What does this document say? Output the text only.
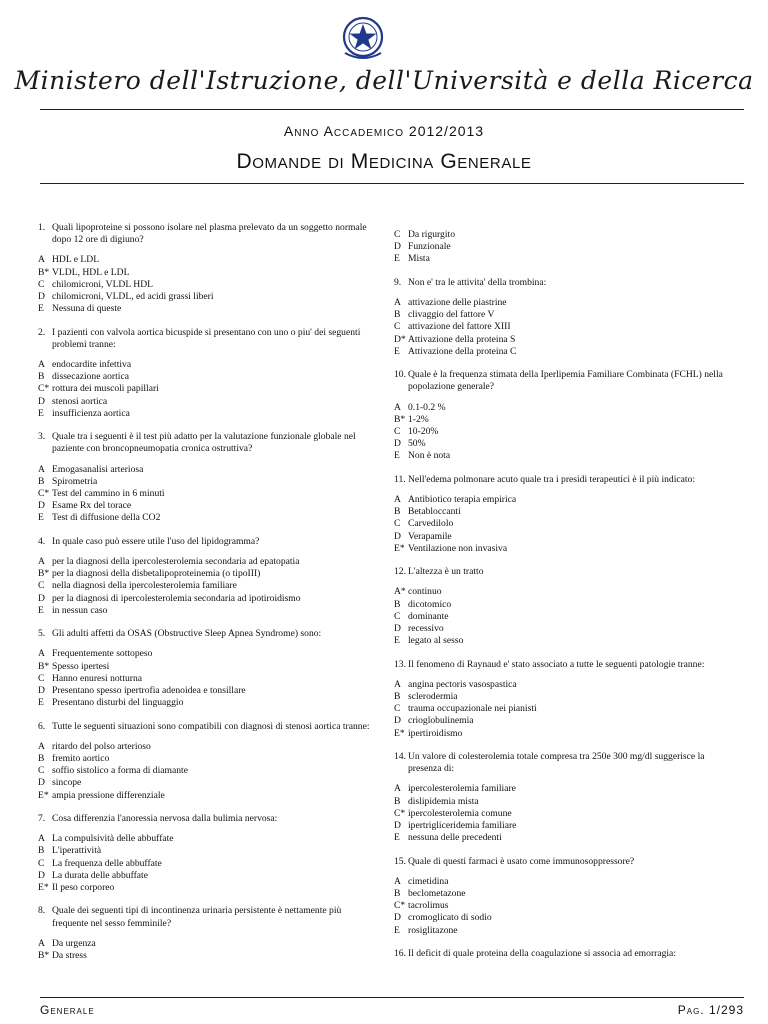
Ministero dell'Istruzione, dell'Università e della Ricerca
Anno Accademico 2012/2013
Domande di Medicina Generale
1. Quali lipoproteine si possono isolare nel plasma prelevato da un soggetto normale dopo 12 ore di digiuno?
A HDL e LDL
B* VLDL, HDL e LDL
C chilomicroni, VLDL HDL
D chilomicroni, VLDL, ed acidi grassi liberi
E Nessuna di queste
2. I pazienti con valvola aortica bicuspide si presentano con uno o piu' dei seguenti problemi tranne:
A endocardite infettiva
B dissecazione aortica
C* rottura dei muscoli papillari
D stenosi aortica
E insufficienza aortica
3. Quale tra i seguenti è il test più adatto per la valutazione funzionale globale nel paziente con broncopneumopatia cronica ostruttiva?
A Emogasanalisi arteriosa
B Spirometria
C* Test del cammino in 6 minuti
D Esame Rx del torace
E Test di diffusione della CO2
4. In quale caso può essere utile l'uso del lipidogramma?
A per la diagnosi della ipercolesterolemia secondaria ad epatopatia
B* per la diagnosi della disbetalipoproteinemia (o tipoIII)
C nella diagnosi della ipercolesterolemia familiare
D per la diagnosi di ipercolesterolemia secondaria ad ipotiroidismo
E in nessun caso
5. Gli adulti affetti da OSAS (Obstructive Sleep Apnea Syndrome) sono:
A Frequentemente sottopeso
B* Spesso ipertesi
C Hanno enuresi notturna
D Presentano spesso ipertrofia adenoidea e tonsillare
E Presentano disturbi del linguaggio
6. Tutte le seguenti situazioni sono compatibili con diagnosi di stenosi aortica tranne:
A ritardo del polso arterioso
B fremito aortico
C soffio sistolico a forma di diamante
D sincope
E* ampia pressione differenziale
7. Cosa differenzia l'anoressia nervosa dalla bulimia nervosa:
A La compulsività delle abbuffate
B L'iperattività
C La frequenza delle abbuffate
D La durata delle abbuffate
E* Il peso corporeo
8. Quale dei seguenti tipi di incontinenza urinaria persistente è nettamente più frequente nel sesso femminile?
A Da urgenza
B* Da stress
C Da rigurgito
D Funzionale
E Mista
9. Non e' tra le attivita' della trombina:
A attivazione delle piastrine
B clivaggio del fattore V
C attivazione del fattore XIII
D* Attivazione della proteina S
E Attivazione della proteina C
10. Quale è la frequenza stimata della Iperlipemia Familiare Combinata (FCHL) nella popolazione generale?
A 0.1-0.2 %
B* 1-2%
C 10-20%
D 50%
E Non è nota
11. Nell'edema polmonare acuto quale tra i presidi terapeutici è il più indicato:
A Antibiotico terapia empirica
B Betabloccanti
C Carvedilolo
D Verapamile
E* Ventilazione non invasiva
12. L'altezza è un tratto
A* continuo
B dicotomico
C dominante
D recessivo
E legato al sesso
13. Il fenomeno di Raynaud e' stato associato a tutte le seguenti patologie tranne:
A angina pectoris vasospastica
B sclerodermia
C trauma occupazionale nei pianisti
D crioglobulinemia
E* ipertiroidismo
14. Un valore di colesterolemia totale compresa tra 250e 300 mg/dl suggerisce la presenza di:
A ipercolesterolemia familiare
B dislipidemia mista
C* ipercolesterolemia comune
D ipertrigliceridemia familiare
E nessuna delle precedenti
15. Quale di questi farmaci è usato come immunosoppressore?
A cimetidina
B beclometazone
C* tacrolimus
D cromoglicato di sodio
E rosiglitazone
16. Il deficit di quale proteina della coagulazione si associa ad emorragia:
Generale	Pag. 1/293
